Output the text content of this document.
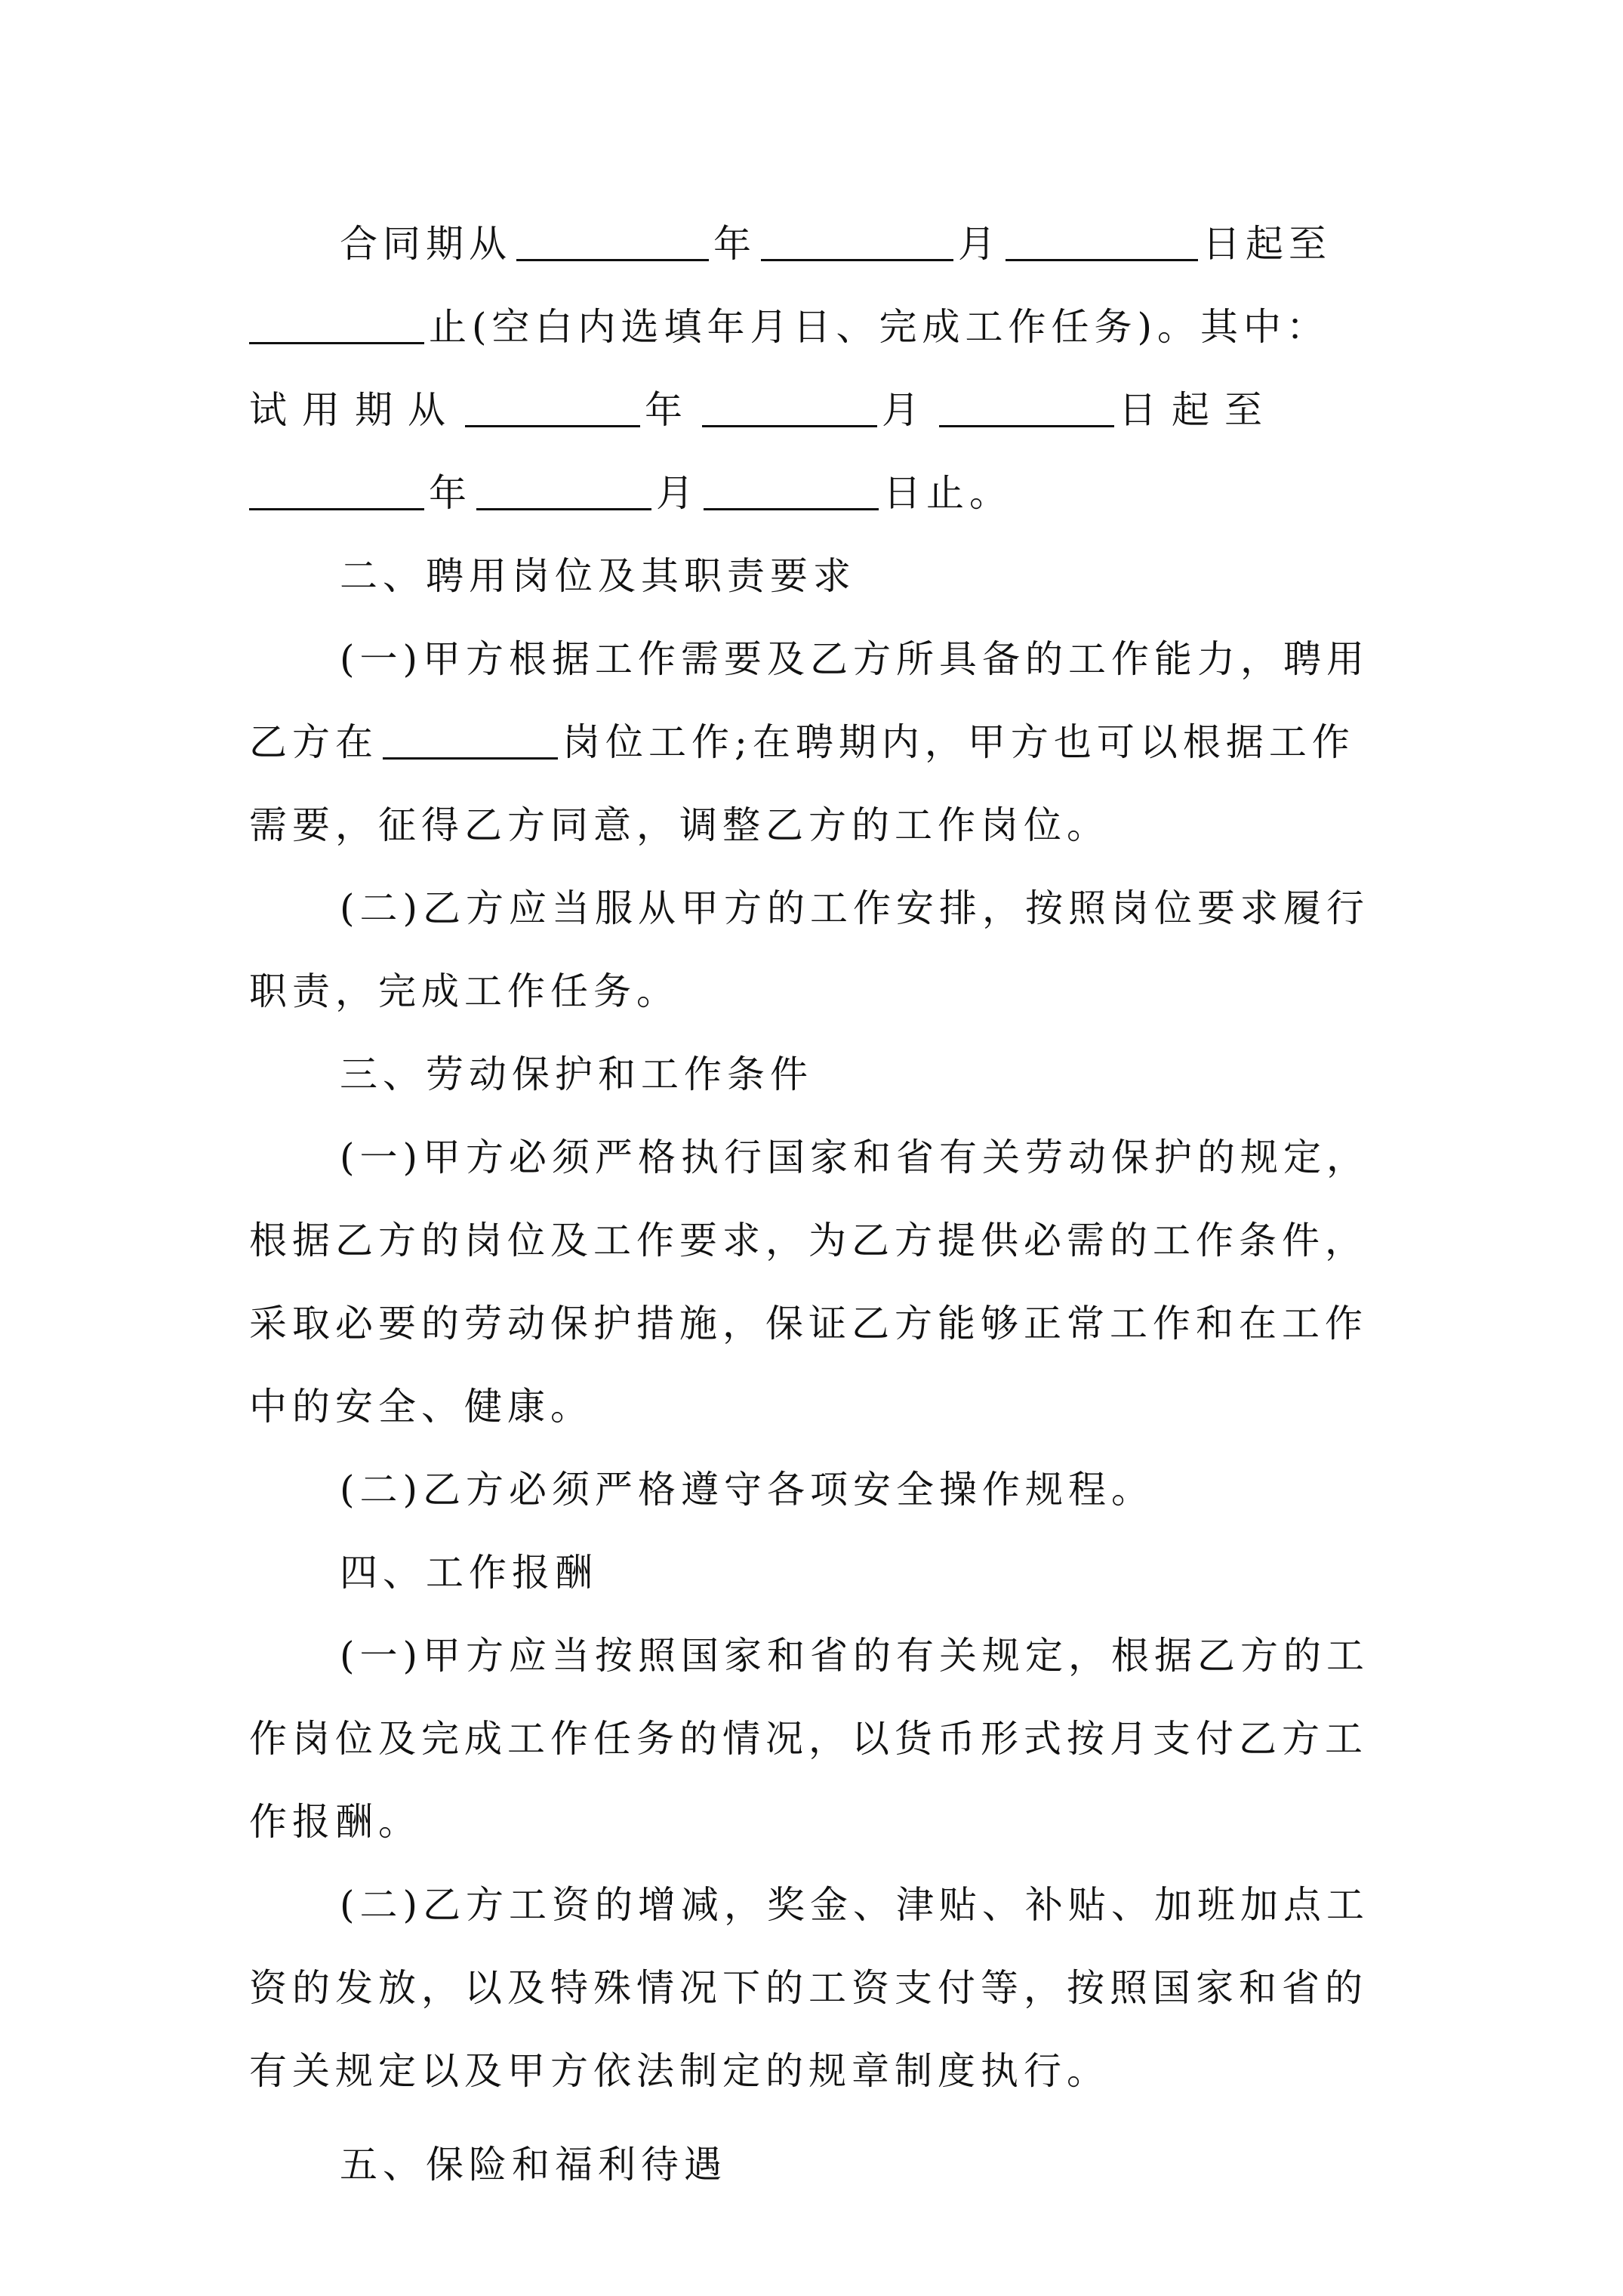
合同期从	年	月	日起至
止(空白内选填年月日、完成工作任务)。其中：
试用期从	年	月	日起至
年	月	日止。
二、聘用岗位及其职责要求
(一)甲方根据工作需要及乙方所具备的工作能力，聘用
乙方在	岗位工作;在聘期内，甲方也可以根据工作
需要，征得乙方同意，调整乙方的工作岗位。
(二)乙方应当服从甲方的工作安排，按照岗位要求履行
职责，完成工作任务。
三、劳动保护和工作条件
(一)甲方必须严格执行国家和省有关劳动保护的规定，
根据乙方的岗位及工作要求，为乙方提供必需的工作条件，
采取必要的劳动保护措施，保证乙方能够正常工作和在工作
中的安全、健康。
(二)乙方必须严格遵守各项安全操作规程。
四、工作报酬
(一)甲方应当按照国家和省的有关规定，根据乙方的工
作岗位及完成工作任务的情况，以货币形式按月支付乙方工
作报酬。
(二)乙方工资的增减，奖金、津贴、补贴、加班加点工
资的发放，以及特殊情况下的工资支付等，按照国家和省的
有关规定以及甲方依法制定的规章制度执行。
五、保险和福利待遇
